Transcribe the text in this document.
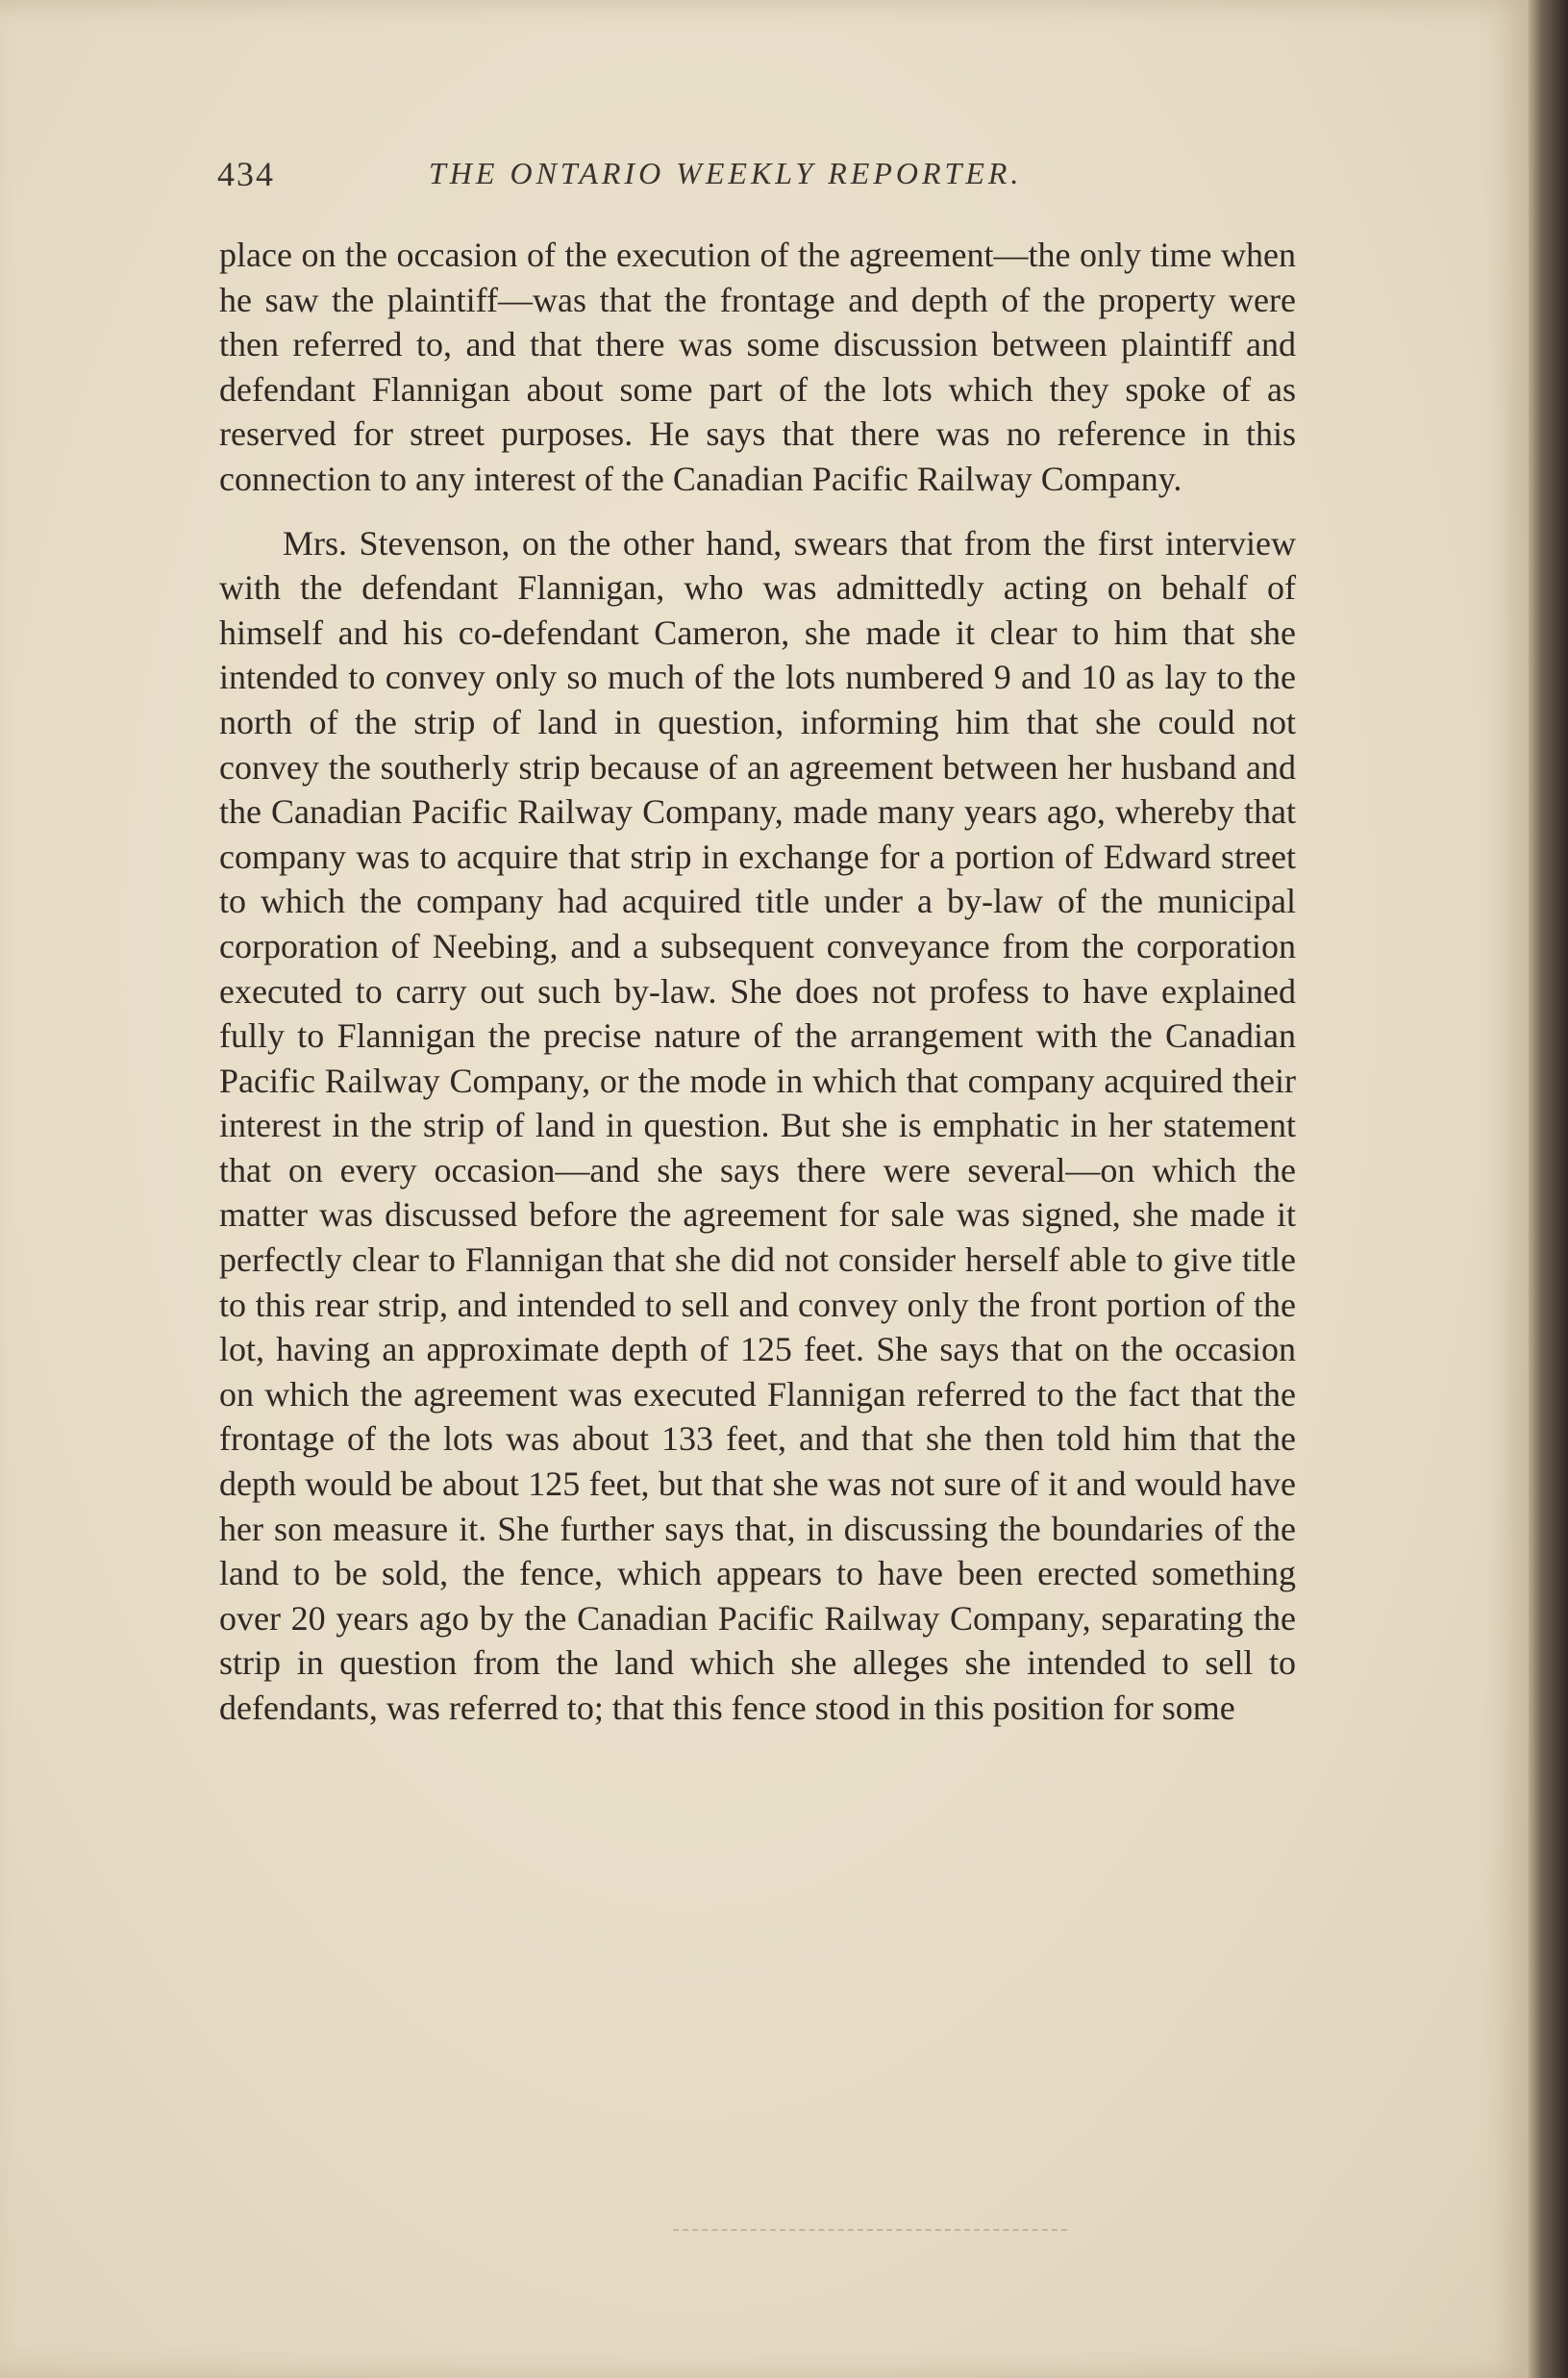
434	THE ONTARIO WEEKLY REPORTER.

place on the occasion of the execution of the agreement—the only time when he saw the plaintiff—was that the frontage and depth of the property were then referred to, and that there was some discussion between plaintiff and defendant Flannigan about some part of the lots which they spoke of as reserved for street purposes. He says that there was no reference in this connection to any interest of the Canadian Pacific Railway Company.

Mrs. Stevenson, on the other hand, swears that from the first interview with the defendant Flannigan, who was admittedly acting on behalf of himself and his co-defendant Cameron, she made it clear to him that she intended to convey only so much of the lots numbered 9 and 10 as lay to the north of the strip of land in question, informing him that she could not convey the southerly strip because of an agreement between her husband and the Canadian Pacific Railway Company, made many years ago, whereby that company was to acquire that strip in exchange for a portion of Edward street to which the company had acquired title under a by-law of the municipal corporation of Neebing, and a subsequent conveyance from the corporation executed to carry out such by-law. She does not profess to have explained fully to Flannigan the precise nature of the arrangement with the Canadian Pacific Railway Company, or the mode in which that company acquired their interest in the strip of land in question. But she is emphatic in her statement that on every occasion—and she says there were several—on which the matter was discussed before the agreement for sale was signed, she made it perfectly clear to Flannigan that she did not consider herself able to give title to this rear strip, and intended to sell and convey only the front portion of the lot, having an approximate depth of 125 feet. She says that on the occasion on which the agreement was executed Flannigan referred to the fact that the frontage of the lots was about 133 feet, and that she then told him that the depth would be about 125 feet, but that she was not sure of it and would have her son measure it. She further says that, in discussing the boundaries of the land to be sold, the fence, which appears to have been erected something over 20 years ago by the Canadian Pacific Railway Company, separating the strip in question from the land which she alleges she intended to sell to defendants, was referred to; that this fence stood in this position for some
